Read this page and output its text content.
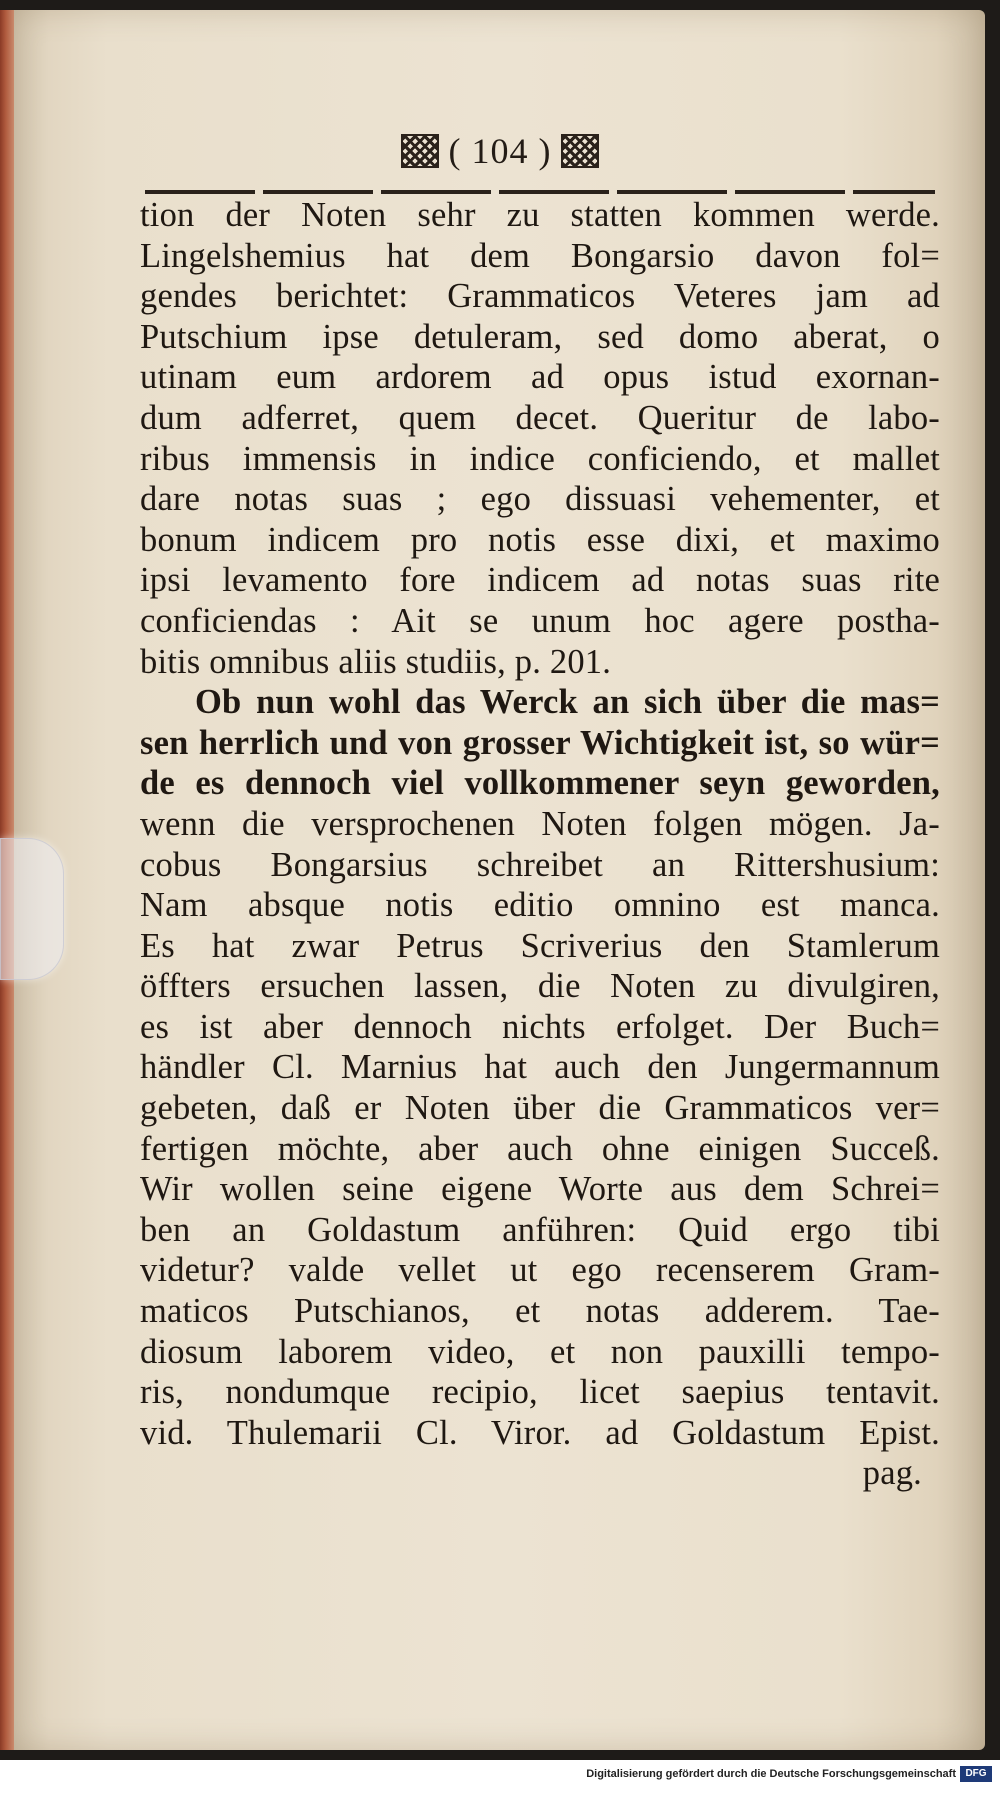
( 104 )
tion der Noten sehr zu statten kommen werde.
Lingelshemius hat dem Bongarsio davon fol=
gendes berichtet: Grammaticos Veteres jam ad
Putschium ipse detuleram, sed domo aberat, o
utinam eum ardorem ad opus istud exornan-
dum adferret, quem decet. Queritur de labo-
ribus immensis in indice conficiendo, et mallet
dare notas suas ; ego dissuasi vehementer, et
bonum indicem pro notis esse dixi, et maximo
ipsi levamento fore indicem ad notas suas rite
conficiendas : Ait se unum hoc agere postha-
bitis omnibus aliis studiis, p. 201.
Ob nun wohl das Werck an sich über die mas=
sen herrlich und von grosser Wichtigkeit ist, so wür=
de es dennoch viel vollkommener seyn geworden,
wenn die versprochenen Noten folgen mögen. Ja-
cobus Bongarsius schreibet an Rittershusium:
Nam absque notis editio omnino est manca.
Es hat zwar Petrus Scriverius den Stamlerum
öffters ersuchen lassen, die Noten zu divulgiren,
es ist aber dennoch nichts erfolget. Der Buch=
händler Cl. Marnius hat auch den Jungermannum
gebeten, daß er Noten über die Grammaticos ver=
fertigen möchte, aber auch ohne einigen Succeß.
Wir wollen seine eigene Worte aus dem Schrei=
ben an Goldastum anführen: Quid ergo tibi
videtur? valde vellet ut ego recenserem Gram-
maticos Putschianos, et notas adderem. Tae-
diosum laborem video, et non pauxilli tempo-
ris, nondumque recipio, licet saepius tentavit.
vid. Thulemarii Cl. Viror. ad Goldastum Epist.
pag.
Digitalisierung gefördert durch die Deutsche Forschungsgemeinschaft DFG
